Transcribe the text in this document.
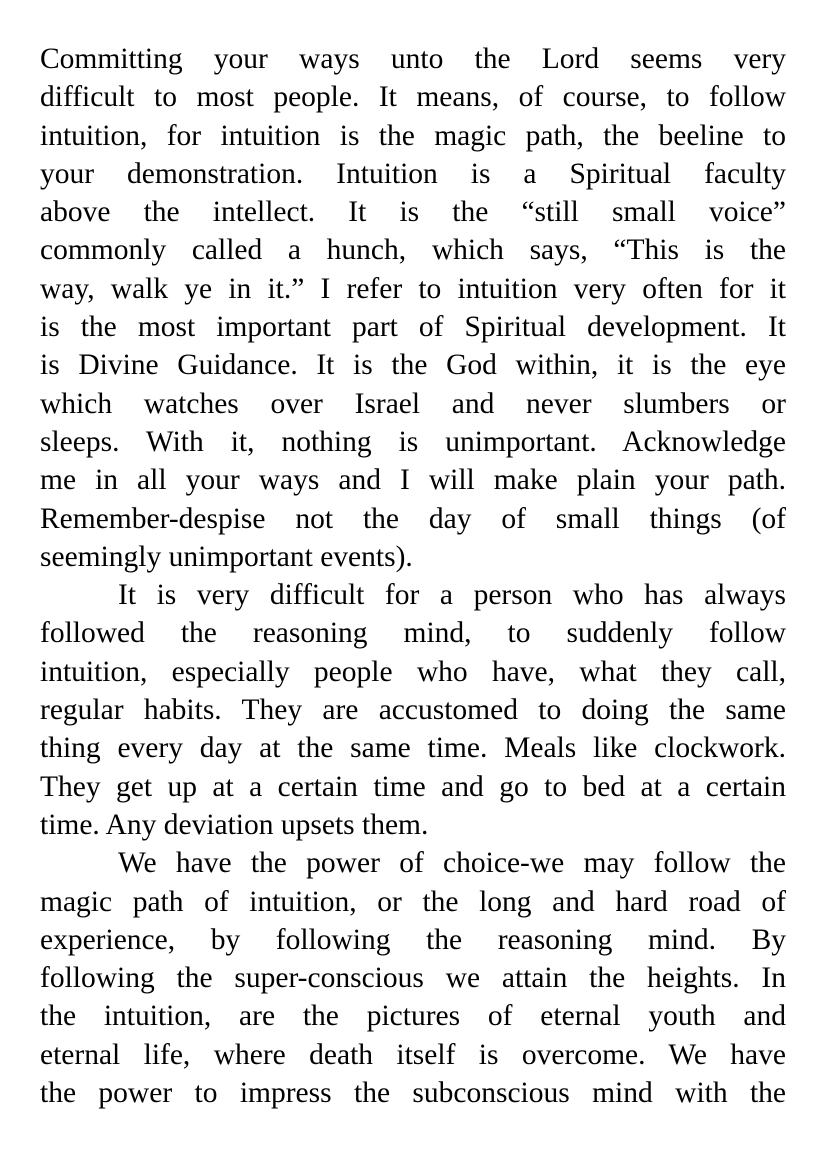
Committing your ways unto the Lord seems very
difficult to most people. It means, of course, to follow
intuition, for intuition is the magic path, the beeline to
your demonstration. Intuition is a Spiritual faculty
above the intellect. It is the “still small voice”
commonly called a hunch, which says, “This is the
way, walk ye in it.” I refer to intuition very often for it
is the most important part of Spiritual development. It
is Divine Guidance. It is the God within, it is the eye
which watches over Israel and never slumbers or
sleeps. With it, nothing is unimportant. Acknowledge
me in all your ways and I will make plain your path.
Remember-despise not the day of small things (of
seemingly unimportant events).
It is very difficult for a person who has always
followed the reasoning mind, to suddenly follow
intuition, especially people who have, what they call,
regular habits. They are accustomed to doing the same
thing every day at the same time. Meals like clockwork.
They get up at a certain time and go to bed at a certain
time. Any deviation upsets them.
We have the power of choice-we may follow the
magic path of intuition, or the long and hard road of
experience, by following the reasoning mind. By
following the super-conscious we attain the heights. In
the intuition, are the pictures of eternal youth and
eternal life, where death itself is overcome. We have
the power to impress the subconscious mind with the
